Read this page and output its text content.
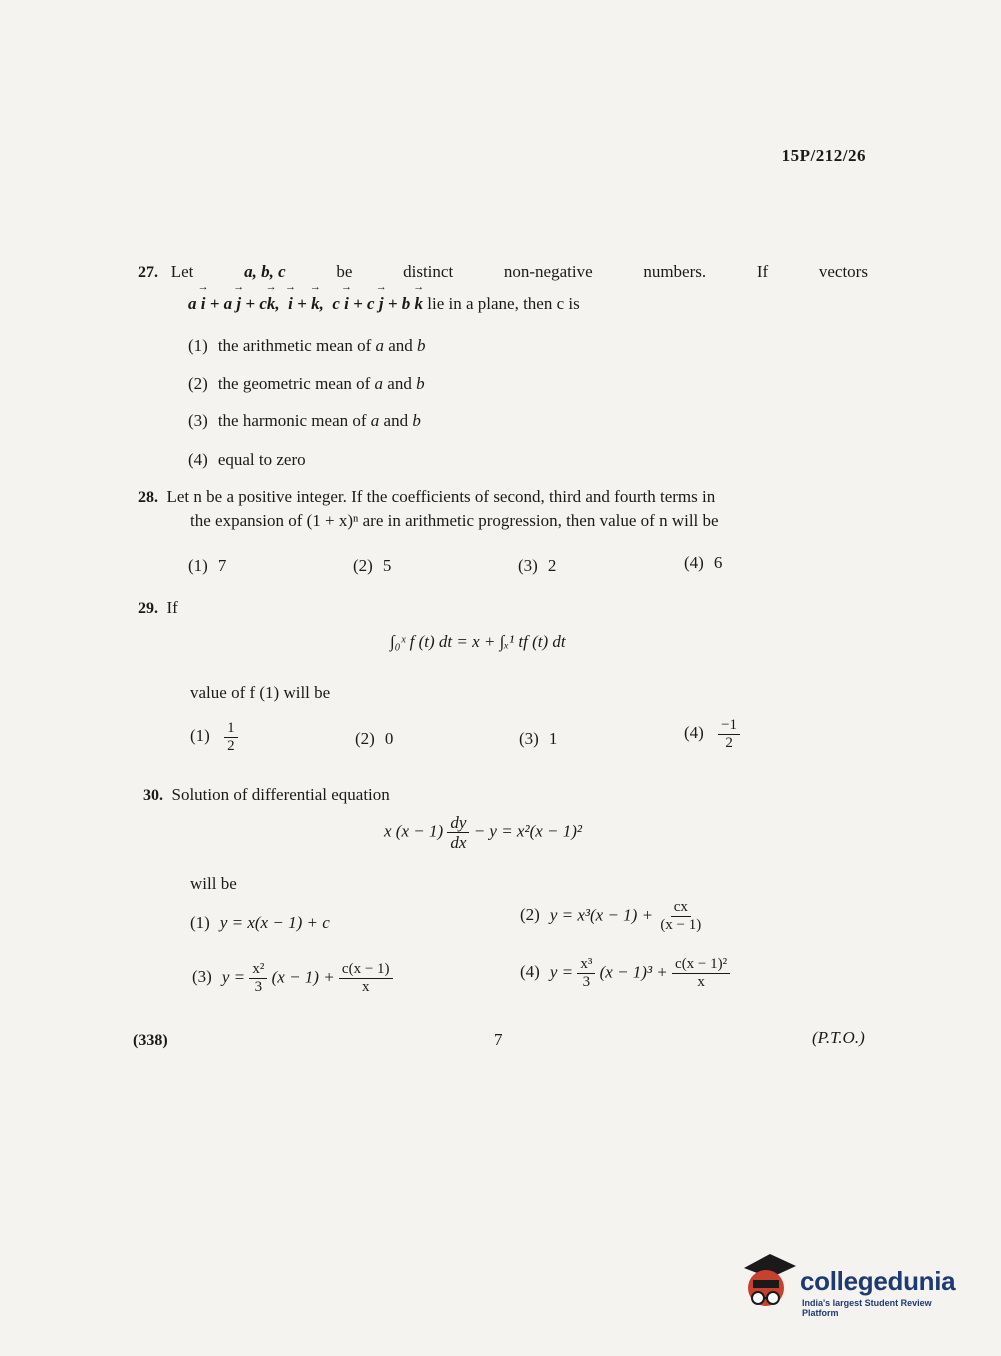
15P/212/26
27. Let	a, b, c	be	distinct	non-negative	numbers.	If	vectors
a → i + a → j + c→ k,  → i + → k,  c → i + c → j + b → k lie in a plane, then c is
(1) the arithmetic mean of a and b
(2) the geometric mean of a and b
(3) the harmonic mean of a and b
(4) equal to zero
28. Let n be a positive integer. If the coefficients of second, third and fourth terms in
the expansion of (1 + x)ⁿ are in arithmetic progression, then value of n will be
(1) 7	(2) 5	(3) 2	(4) 6
29. If
∫₀ˣ f (t) dt = x + ∫ₓ¹ tf (t) dt
value of f (1) will be
$(1) \frac{1}{2}$	(2) 0	(3) 1	$(4) \frac{-1}{2}$
30. Solution of differential equation
x $(x - 1) \frac{dy}{dx} - y = x^2(x - 1)^2$
will be
(1) y = x(x − 1) + c	(2) $y = x^3(x - 1) + \frac{cx}{(x - 1)}$
(3) $y = \frac{\text{x²}}{3} (x - 1) + \frac{c(x - 1)}{x}$	(4) $y = \frac{\text{x³}}{3} (x - 1)^3 + \frac{\text{c(x − 1)²}}{x}$
(338)	7	(P.T.O.)
collegedunia
India's largest Student Review Platform
